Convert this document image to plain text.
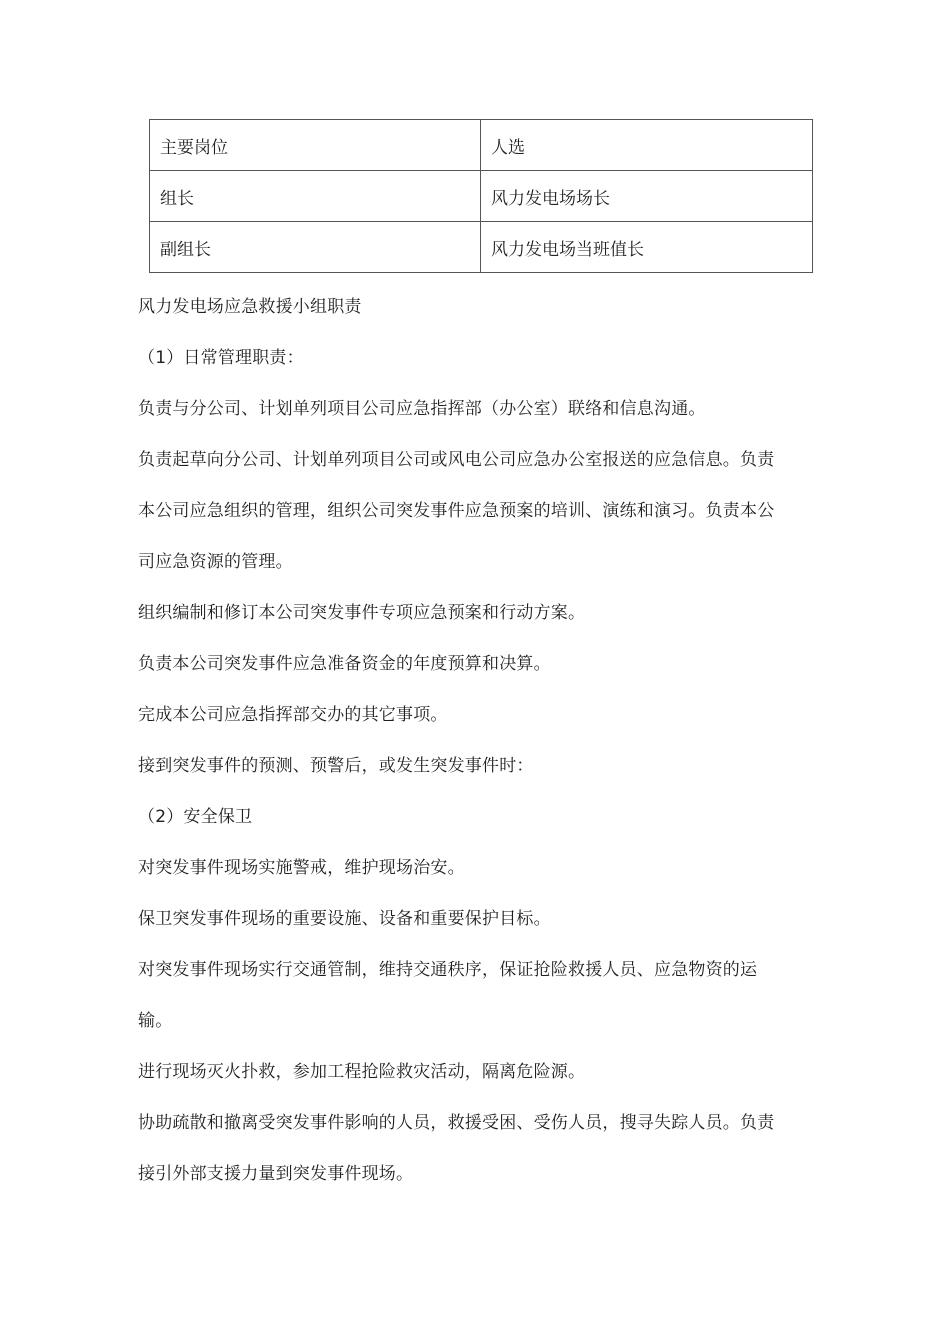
主要岗位	人选
组长	风力发电场场长
副组长	风力发电场当班值长
风力发电场应急救援小组职责
（1）日常管理职责：
负责与分公司、计划单列项目公司应急指挥部（办公室）联络和信息沟通。
负责起草向分公司、计划单列项目公司或风电公司应急办公室报送的应急信息。负责
本公司应急组织的管理，组织公司突发事件应急预案的培训、演练和演习。负责本公
司应急资源的管理。
组织编制和修订本公司突发事件专项应急预案和行动方案。
负责本公司突发事件应急准备资金的年度预算和决算。
完成本公司应急指挥部交办的其它事项。
接到突发事件的预测、预警后，或发生突发事件时：
（2）安全保卫
对突发事件现场实施警戒，维护现场治安。
保卫突发事件现场的重要设施、设备和重要保护目标。
对突发事件现场实行交通管制，维持交通秩序，保证抢险救援人员、应急物资的运
输。
进行现场灭火扑救，参加工程抢险救灾活动，隔离危险源。
协助疏散和撤离受突发事件影响的人员，救援受困、受伤人员，搜寻失踪人员。负责
接引外部支援力量到突发事件现场。
